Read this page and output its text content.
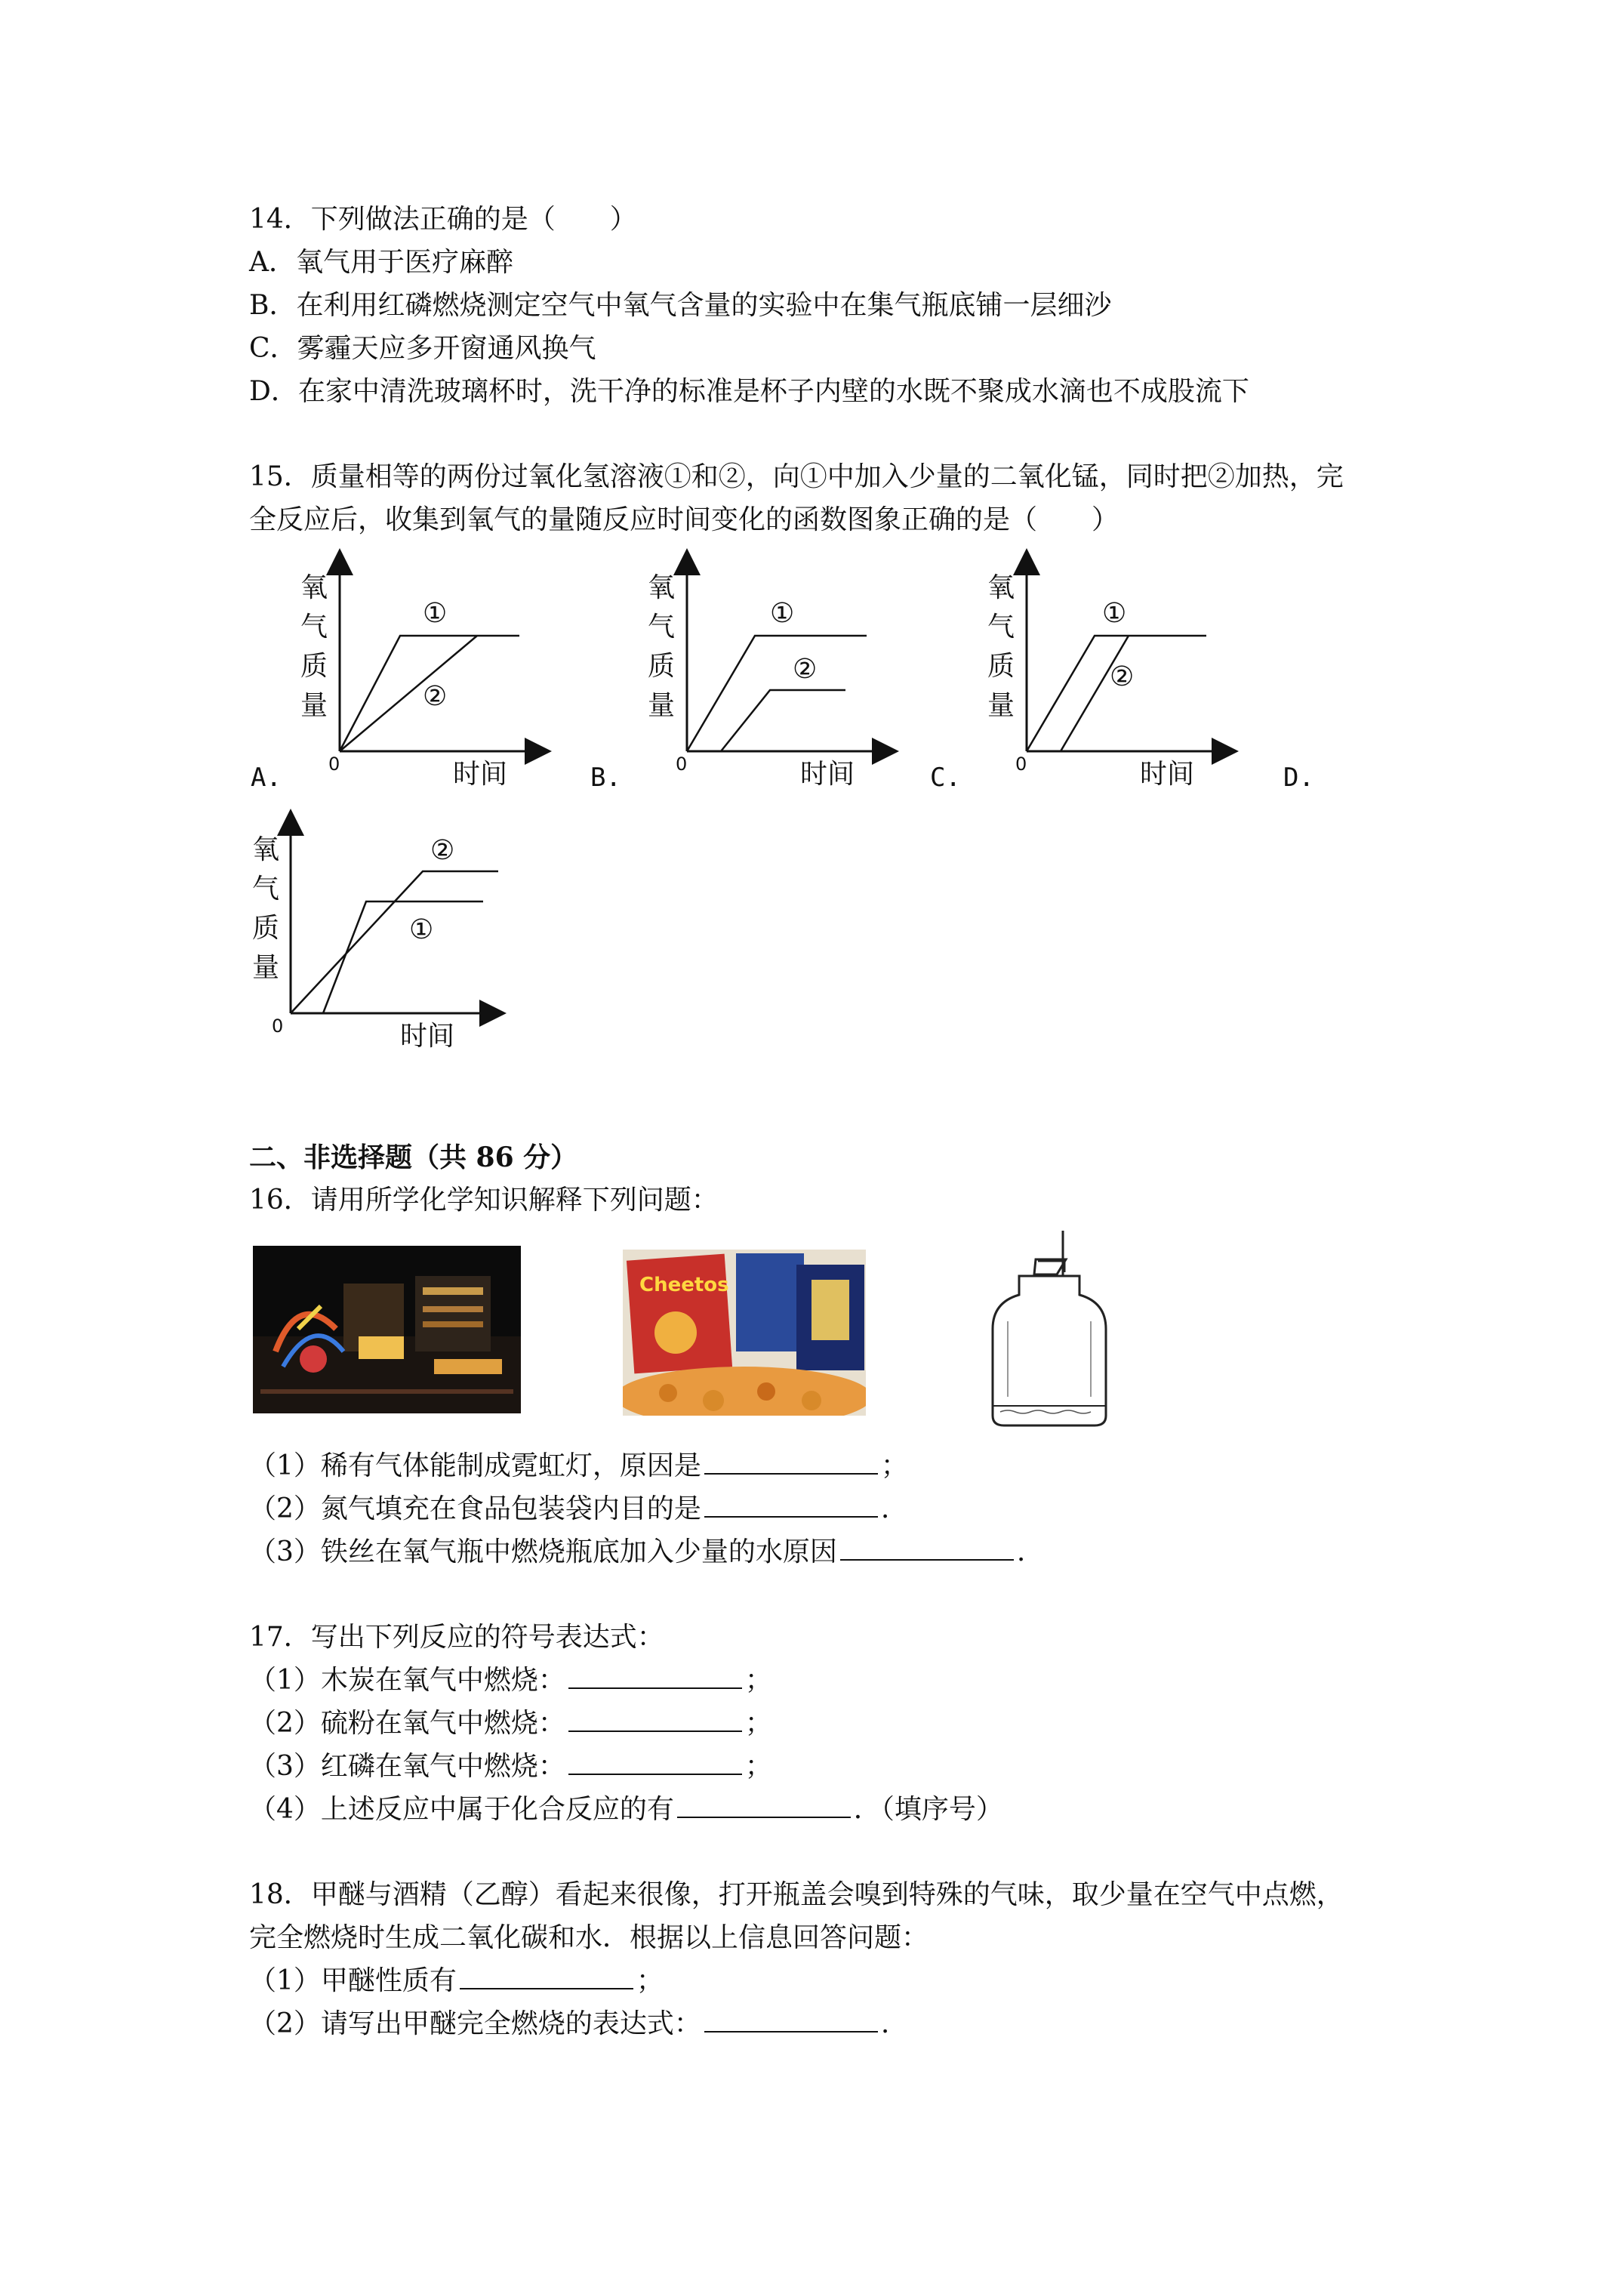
14．下列做法正确的是（　　）
A．氧气用于医疗麻醉
B．在利用红磷燃烧测定空气中氧气含量的实验中在集气瓶底铺一层细沙
C．雾霾天应多开窗通风换气
D．在家中清洗玻璃杯时，洗干净的标准是杯子内壁的水既不聚成水滴也不成股流下
15．质量相等的两份过氧化氢溶液①和②，向①中加入少量的二氧化锰，同时把②加热，完
全反应后，收集到氧气的量随反应时间变化的函数图象正确的是（　　）
氧
气
质
量
0	时间
①
②
A.
氧
气
质
量
0	时间
①
②
B.
氧
气
质
量
0	时间
①
②
C.	D.
氧
气
质
量
0	时间
②
①
二、非选择题（共 86 分）
16．请用所学化学知识解释下列问题：
Cheetos
（1）稀有气体能制成霓虹灯，原因是	；
（2）氮气填充在食品包装袋内目的是	.
（3）铁丝在氧气瓶中燃烧瓶底加入少量的水原因	.
17．写出下列反应的符号表达式：
（1）木炭在氧气中燃烧：	；
（2）硫粉在氧气中燃烧：	；
（3）红磷在氧气中燃烧：	；
（4）上述反应中属于化合反应的有	．（填序号）
18．甲醚与酒精（乙醇）看起来很像，打开瓶盖会嗅到特殊的气味，取少量在空气中点燃，
完全燃烧时生成二氧化碳和水．根据以上信息回答问题：
（1）甲醚性质有	；
（2）请写出甲醚完全燃烧的表达式：	.
